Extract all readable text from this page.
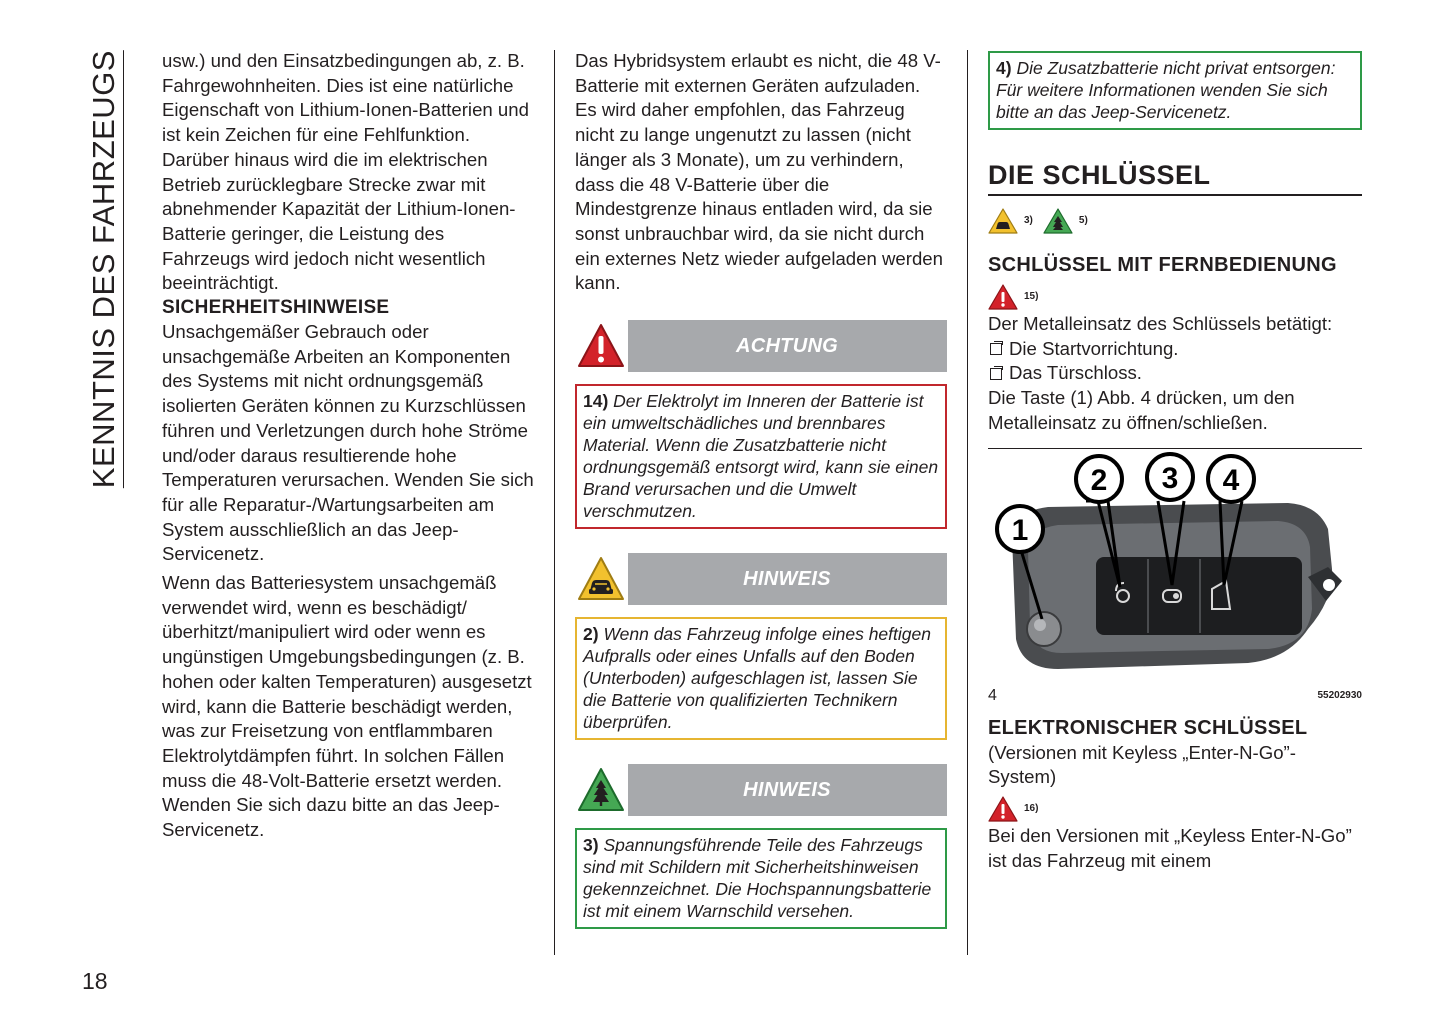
KENNTNIS DES FAHRZEUGS
18

usw.) und den Einsatzbedingungen ab, z. B. Fahrgewohnheiten. Dies ist eine natürliche Eigenschaft von Lithium-Ionen-Batterien und ist kein Zeichen für eine Fehlfunktion. Darüber hinaus wird die im elektrischen Betrieb zurücklegbare Strecke zwar mit abnehmender Kapazität der Lithium-Ionen-Batterie geringer, die Leistung des Fahrzeugs wird jedoch nicht wesentlich beeinträchtigt.

SICHERHEITSHINWEISE

Unsachgemäßer Gebrauch oder unsachgemäße Arbeiten an Komponenten des Systems mit nicht ordnungsgemäß isolierten Geräten können zu Kurzschlüssen führen und Verletzungen durch hohe Ströme und/oder daraus resultierende hohe Temperaturen verursachen. Wenden Sie sich für alle Reparatur-/Wartungsarbeiten am System ausschließlich an das Jeep-Servicenetz.

Wenn das Batteriesystem unsachgemäß verwendet wird, wenn es beschädigt/überhitzt/manipuliert wird oder wenn es ungünstigen Umgebungsbedingungen (z. B. hohen oder kalten Temperaturen) ausgesetzt wird, kann die Batterie beschädigt werden, was zur Freisetzung von entflammbaren Elektrolytdämpfen führt. In solchen Fällen muss die 48-Volt-Batterie ersetzt werden. Wenden Sie sich dazu bitte an das Jeep-Servicenetz.

Das Hybridsystem erlaubt es nicht, die 48 V-Batterie mit externen Geräten aufzuladen. Es wird daher empfohlen, das Fahrzeug nicht zu lange ungenutzt zu lassen (nicht länger als 3 Monate), um zu verhindern, dass die 48 V-Batterie über die Mindestgrenze hinaus entladen wird, da sie sonst unbrauchbar wird, da sie nicht durch ein externes Netz wieder aufgeladen werden kann.

ACHTUNG
14) Der Elektrolyt im Inneren der Batterie ist ein umweltschädliches und brennbares Material. Wenn die Zusatzbatterie nicht ordnungsgemäß entsorgt wird, kann sie einen Brand verursachen und die Umwelt verschmutzen.
HINWEIS
2) Wenn das Fahrzeug infolge eines heftigen Aufpralls oder eines Unfalls auf den Boden (Unterboden) aufgeschlagen ist, lassen Sie die Batterie von qualifizierten Technikern überprüfen.
HINWEIS
3) Spannungsführende Teile des Fahrzeugs sind mit Schildern mit Sicherheitshinweisen gekennzeichnet. Die Hochspannungsbatterie ist mit einem Warnschild versehen.
4) Die Zusatzbatterie nicht privat entsorgen: Für weitere Informationen wenden Sie sich bitte an das Jeep-Servicenetz.
DIE SCHLÜSSEL
3)	5)
SCHLÜSSEL MIT FERNBEDIENUNG
15)

Der Metalleinsatz des Schlüssels betätigt:

Die Startvorrichtung.
Das Türschloss.

Die Taste (1) Abb. 4 drücken, um den Metalleinsatz zu öffnen/schließen.

1
2 3 4
4	55202930
ELEKTRONISCHER SCHLÜSSEL

(Versionen mit Keyless „Enter-N-Go”-System)

16)

Bei den Versionen mit „Keyless Enter-N-Go” ist das Fahrzeug mit einem
